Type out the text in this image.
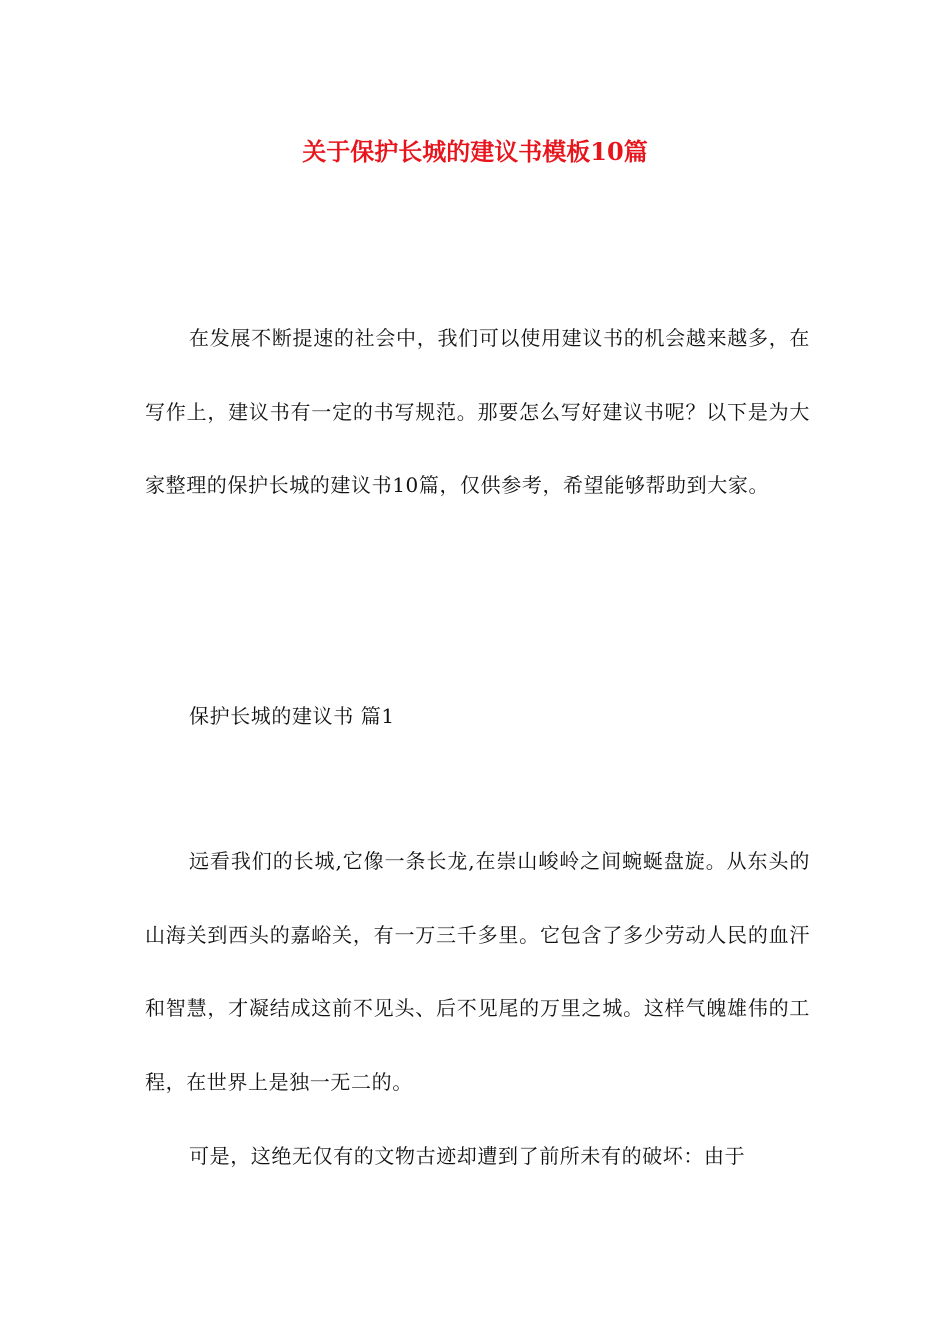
关于保护长城的建议书模板10篇

在发展不断提速的社会中，我们可以使用建议书的机会越来越多，在写作上，建议书有一定的书写规范。那要怎么写好建议书呢？以下是为大家整理的保护长城的建议书10篇，仅供参考，希望能够帮助到大家。

保护长城的建议书 篇1

远看我们的长城,它像一条长龙,在崇山峻岭之间蜿蜒盘旋。从东头的山海关到西头的嘉峪关，有一万三千多里。它包含了多少劳动人民的血汗和智慧，才凝结成这前不见头、后不见尾的万里之城。这样气魄雄伟的工程，在世界上是独一无二的。

可是，这绝无仅有的文物古迹却遭到了前所未有的破坏：由于
